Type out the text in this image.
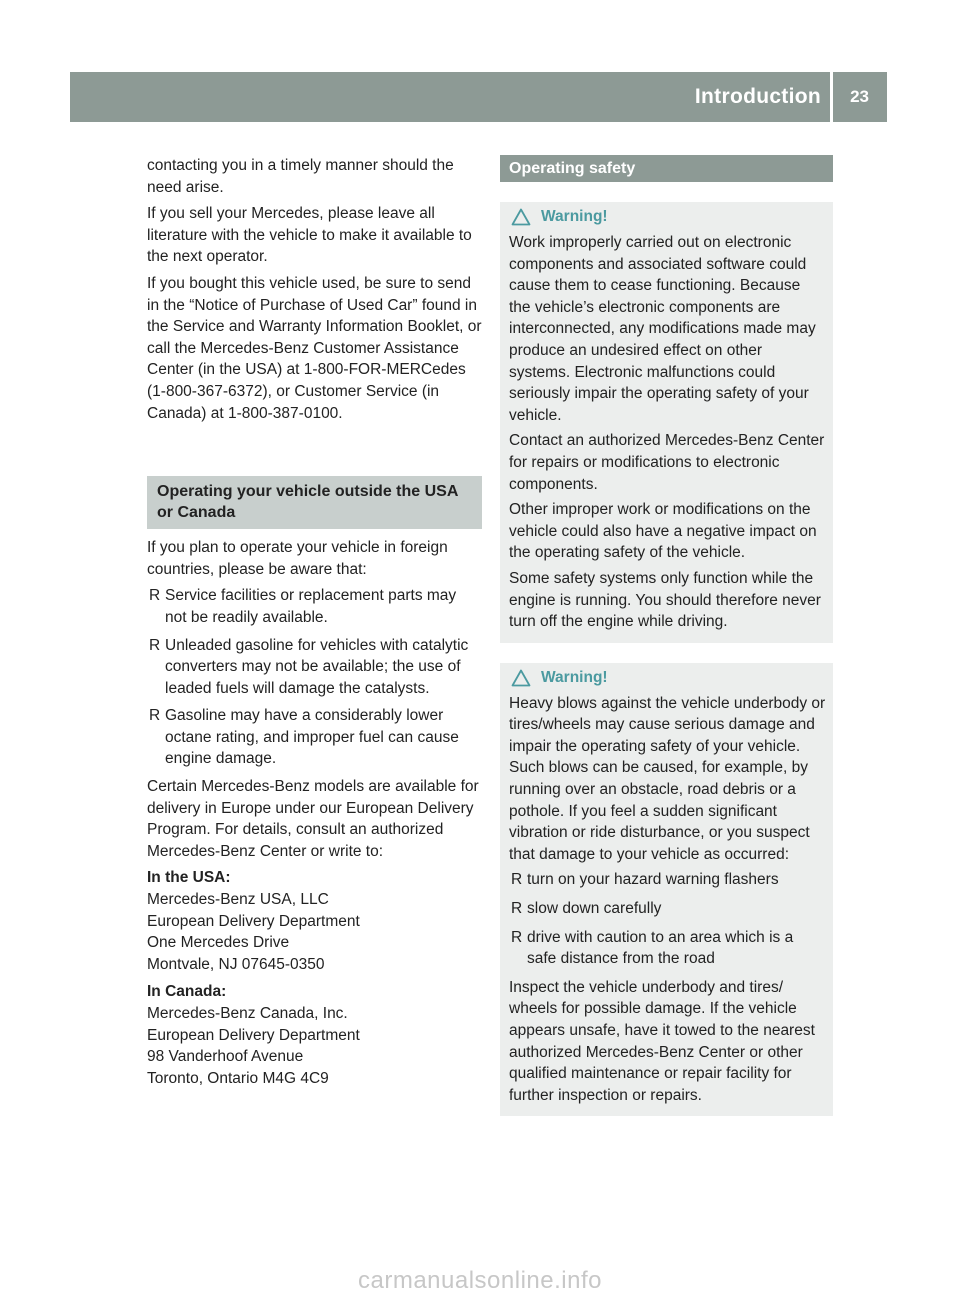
Introduction 23

contacting you in a timely manner should the need arise.

If you sell your Mercedes, please leave all literature with the vehicle to make it available to the next operator.

If you bought this vehicle used, be sure to send in the “Notice of Purchase of Used Car” found in the Service and Warranty Information Booklet, or call the Mercedes-Benz Customer Assistance Center (in the USA) at 1-800-FOR-MERCedes (1-800-367-6372), or Customer Service (in Canada) at 1-800-387-0100.

Operating your vehicle outside the USA or Canada

If you plan to operate your vehicle in foreign countries, please be aware that:

R Service facilities or replacement parts may not be readily available.
R Unleaded gasoline for vehicles with catalytic converters may not be available; the use of leaded fuels will damage the catalysts.
R Gasoline may have a considerably lower octane rating, and improper fuel can cause engine damage.

Certain Mercedes-Benz models are available for delivery in Europe under our European Delivery Program. For details, consult an authorized Mercedes-Benz Center or write to:

In the USA:

Mercedes-Benz USA, LLC

European Delivery Department

One Mercedes Drive

Montvale, NJ 07645-0350

In Canada:

Mercedes-Benz Canada, Inc.

European Delivery Department

98 Vanderhoof Avenue

Toronto, Ontario M4G 4C9

Operating safety
Warning!

Work improperly carried out on electronic components and associated software could cause them to cease functioning. Because the vehicle’s electronic components are interconnected, any modifications made may produce an undesired effect on other systems. Electronic malfunctions could seriously impair the operating safety of your vehicle.

Contact an authorized Mercedes-Benz Center for repairs or modifications to electronic components.

Other improper work or modifications on the vehicle could also have a negative impact on the operating safety of the vehicle.

Some safety systems only function while the engine is running. You should therefore never turn off the engine while driving.

Warning!

Heavy blows against the vehicle underbody or tires/wheels may cause serious damage and impair the operating safety of your vehicle. Such blows can be caused, for example, by running over an obstacle, road debris or a pothole. If you feel a sudden significant vibration or ride disturbance, or you suspect that damage to your vehicle as occurred:

R turn on your hazard warning flashers
R slow down carefully
R drive with caution to an area which is a safe distance from the road

Inspect the vehicle underbody and tires/ wheels for possible damage. If the vehicle appears unsafe, have it towed to the nearest authorized Mercedes-Benz Center or other qualified maintenance or repair facility for further inspection or repairs.

carmanualsonline.info
